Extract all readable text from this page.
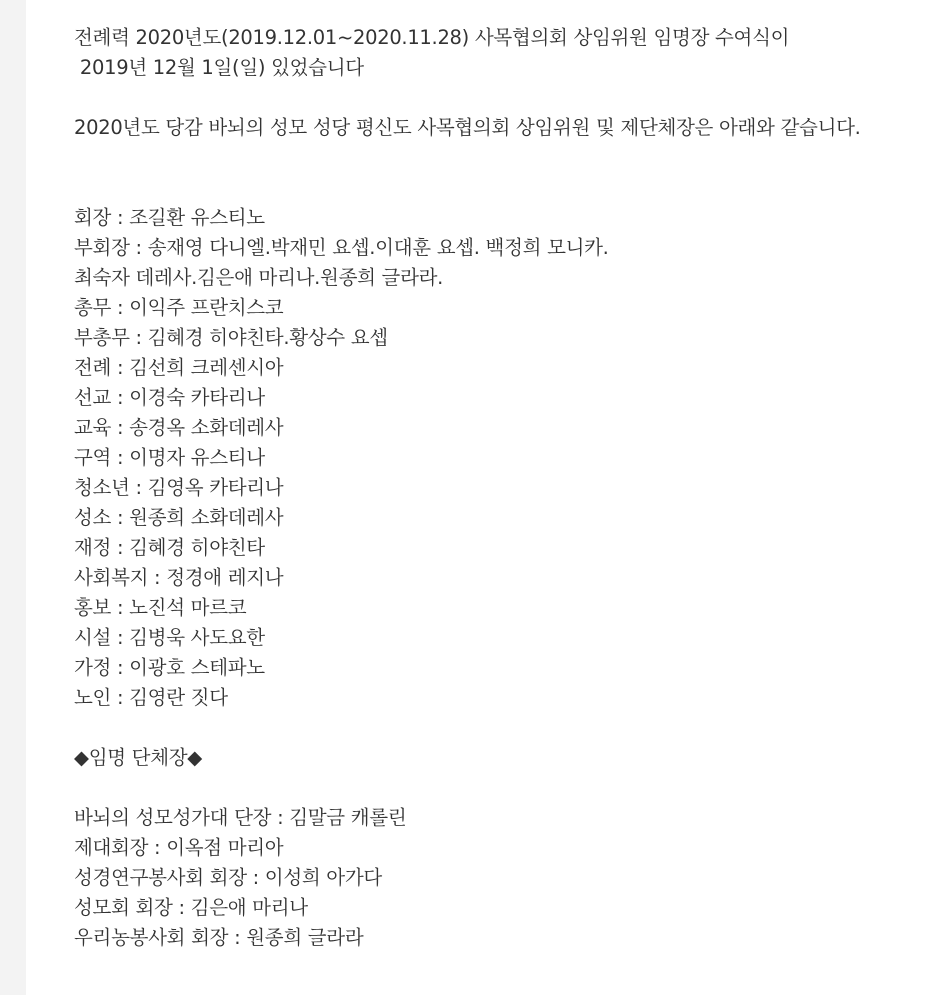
전례력 2020년도(2019.12.01~2020.11.28) 사목협의회 상임위원 임명장 수여식이
2019년 12월 1일(일) 있었습니다
2020년도 당감 바뇌의 성모 성당 평신도 사목협의회 상임위원 및 제단체장은 아래와 같습니다.
회장 : 조길환 유스티노
부회장 : 송재영 다니엘.박재민 요셉.이대훈 요셉. 백정희 모니카.
최숙자 데레사.김은애 마리나.원종희 글라라.
총무 : 이익주 프란치스코
부총무 : 김혜경 히야친타.황상수 요셉
전례 : 김선희 크레센시아
선교 : 이경숙 카타리나
교육 : 송경옥 소화데레사
구역 : 이명자 유스티나
청소년 : 김영옥 카타리나
성소 : 원종희 소화데레사
재정 : 김혜경 히야친타
사회복지 : 정경애 레지나
홍보 : 노진석 마르코
시설 : 김병욱 사도요한
가정 : 이광호 스테파노
노인 : 김영란 짓다
◆임명 단체장◆
바뇌의 성모성가대 단장 : 김말금 캐롤린
제대회장 : 이옥점 마리아
성경연구봉사회 회장 : 이성희 아가다
성모회 회장 : 김은애 마리나
우리농봉사회 회장 : 원종희 글라라
